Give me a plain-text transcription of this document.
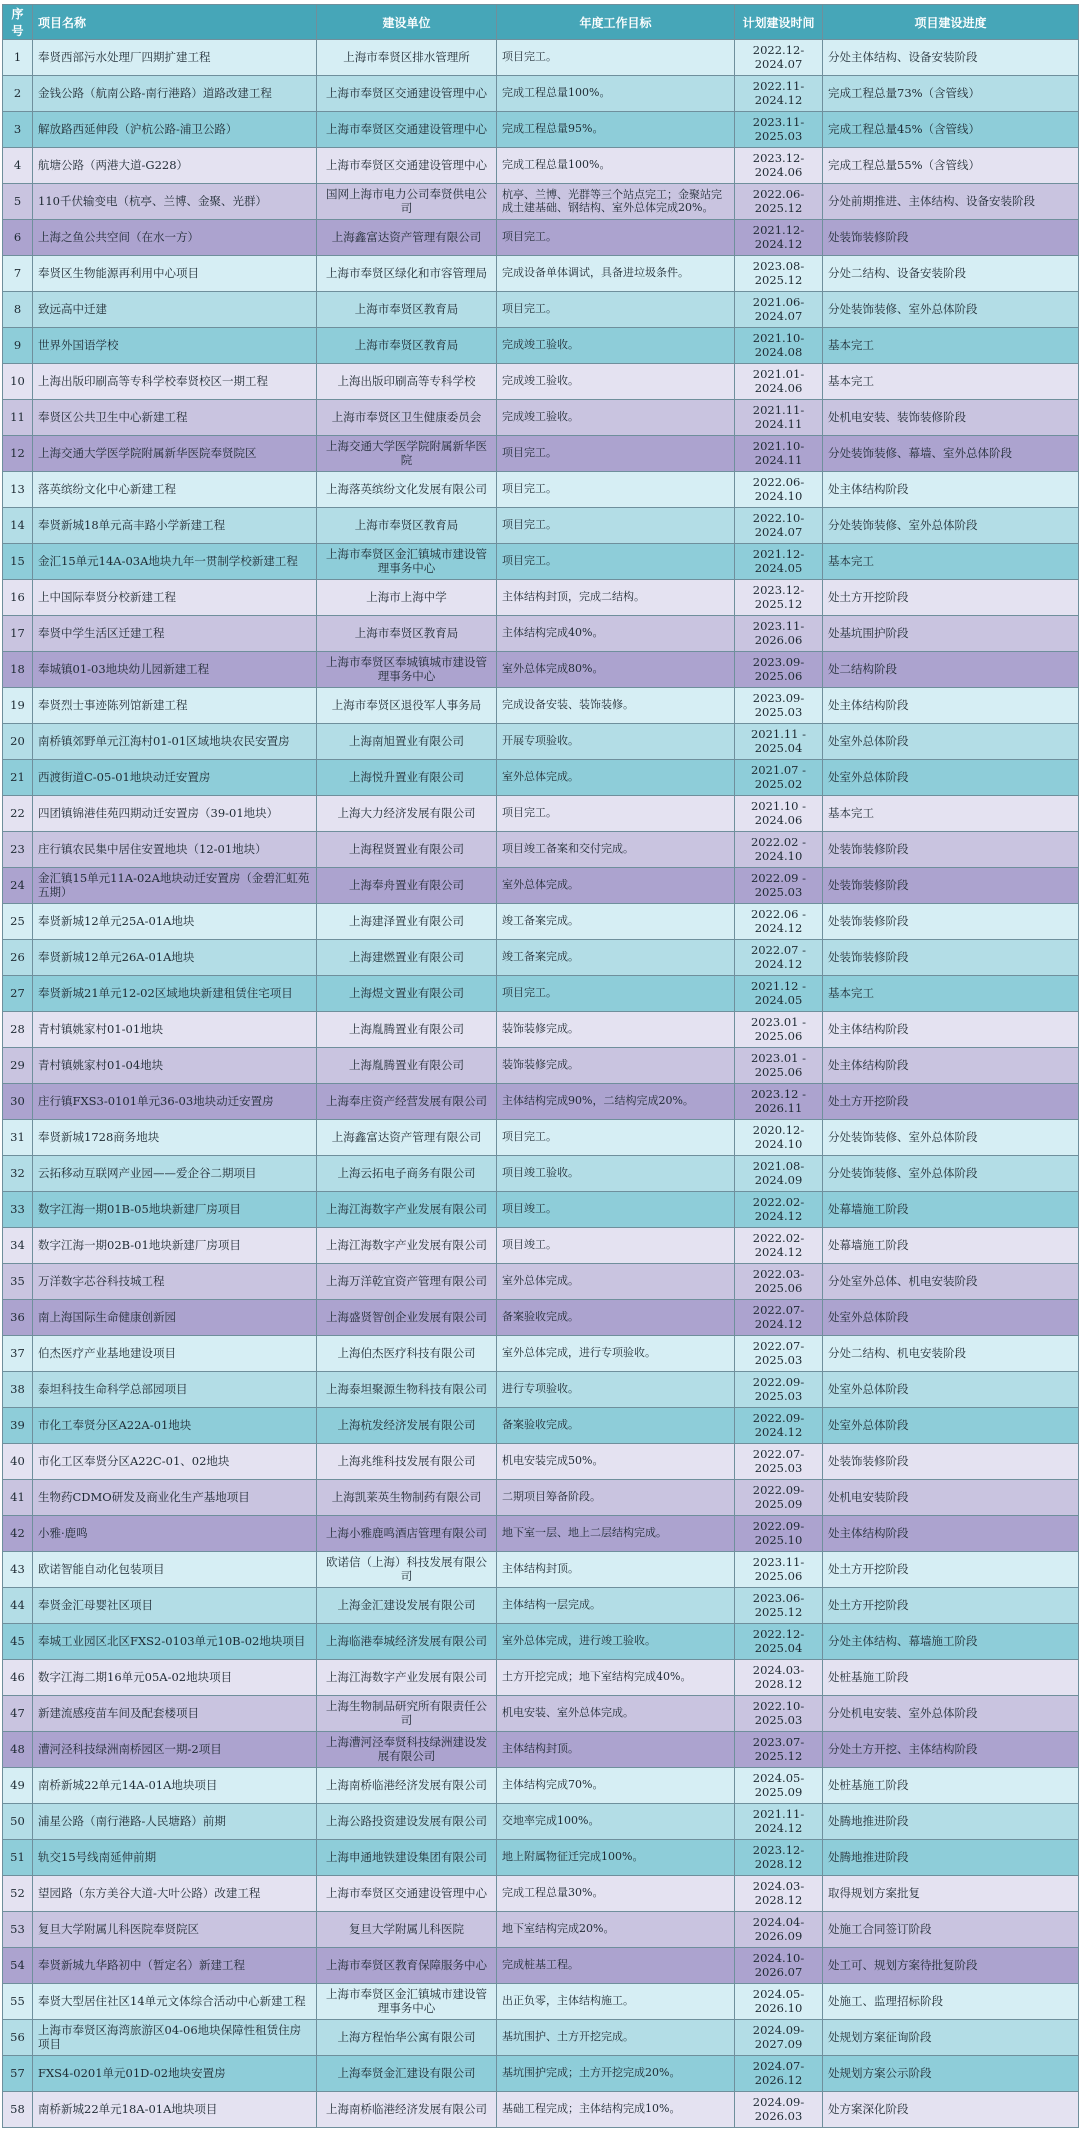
序号	项目名称	建设单位	年度工作目标	计划建设时间	项目建设进度
1	奉贤西部污水处理厂四期扩建工程	上海市奉贤区排水管理所	项目完工。	2022.12-2024.07	分处主体结构、设备安装阶段
2	金钱公路（航南公路-南行港路）道路改建工程	上海市奉贤区交通建设管理中心	完成工程总量100%。	2022.11-2024.12	完成工程总量73%（含管线）
3	解放路西延伸段（沪杭公路-浦卫公路）	上海市奉贤区交通建设管理中心	完成工程总量95%。	2023.11-2025.03	完成工程总量45%（含管线）
4	航塘公路（两港大道-G228）	上海市奉贤区交通建设管理中心	完成工程总量100%。	2023.12-2024.06	完成工程总量55%（含管线）
5	110千伏输变电（杭亭、兰博、金聚、光群）	国网上海市电力公司奉贤供电公司	杭亭、兰博、光群等三个站点完工；金聚站完成土建基础、钢结构、室外总体完成20%。	2022.06-2025.12	分处前期推进、主体结构、设备安装阶段
6	上海之鱼公共空间（在水一方）	上海鑫富达资产管理有限公司	项目完工。	2021.12-2024.12	处装饰装修阶段
7	奉贤区生物能源再利用中心项目	上海市奉贤区绿化和市容管理局	完成设备单体调试，具备进垃圾条件。	2023.08-2025.12	分处二结构、设备安装阶段
8	致远高中迁建	上海市奉贤区教育局	项目完工。	2021.06-2024.07	分处装饰装修、室外总体阶段
9	世界外国语学校	上海市奉贤区教育局	完成竣工验收。	2021.10-2024.08	基本完工
10	上海出版印刷高等专科学校奉贤校区一期工程	上海出版印刷高等专科学校	完成竣工验收。	2021.01-2024.06	基本完工
11	奉贤区公共卫生中心新建工程	上海市奉贤区卫生健康委员会	完成竣工验收。	2021.11-2024.11	处机电安装、装饰装修阶段
12	上海交通大学医学院附属新华医院奉贤院区	上海交通大学医学院附属新华医院	项目完工。	2021.10-2024.11	分处装饰装修、幕墙、室外总体阶段
13	落英缤纷文化中心新建工程	上海落英缤纷文化发展有限公司	项目完工。	2022.06-2024.10	处主体结构阶段
14	奉贤新城18单元高丰路小学新建工程	上海市奉贤区教育局	项目完工。	2022.10-2024.07	分处装饰装修、室外总体阶段
15	金汇15单元14A-03A地块九年一贯制学校新建工程	上海市奉贤区金汇镇城市建设管理事务中心	项目完工。	2021.12-2024.05	基本完工
16	上中国际奉贤分校新建工程	上海市上海中学	主体结构封顶，完成二结构。	2023.12-2025.12	处土方开挖阶段
17	奉贤中学生活区迁建工程	上海市奉贤区教育局	主体结构完成40%。	2023.11-2026.06	处基坑围护阶段
18	奉城镇01-03地块幼儿园新建工程	上海市奉贤区奉城镇城市建设管理事务中心	室外总体完成80%。	2023.09-2025.06	处二结构阶段
19	奉贤烈士事迹陈列馆新建工程	上海市奉贤区退役军人事务局	完成设备安装、装饰装修。	2023.09-2025.03	处主体结构阶段
20	南桥镇郊野单元江海村01-01区域地块农民安置房	上海南旭置业有限公司	开展专项验收。	2021.11 - 2025.04	处室外总体阶段
21	西渡街道C-05-01地块动迁安置房	上海悦升置业有限公司	室外总体完成。	2021.07 - 2025.02	处室外总体阶段
22	四团镇锦港佳苑四期动迁安置房（39-01地块）	上海大力经济发展有限公司	项目完工。	2021.10 - 2024.06	基本完工
23	庄行镇农民集中居住安置地块（12-01地块）	上海程贤置业有限公司	项目竣工备案和交付完成。	2022.02 - 2024.10	处装饰装修阶段
24	金汇镇15单元11A-02A地块动迁安置房（金碧汇虹苑五期）	上海奉舟置业有限公司	室外总体完成。	2022.09 - 2025.03	处装饰装修阶段
25	奉贤新城12单元25A-01A地块	上海建泽置业有限公司	竣工备案完成。	2022.06 - 2024.12	处装饰装修阶段
26	奉贤新城12单元26A-01A地块	上海建燃置业有限公司	竣工备案完成。	2022.07 - 2024.12	处装饰装修阶段
27	奉贤新城21单元12-02区域地块新建租赁住宅项目	上海煜文置业有限公司	项目完工。	2021.12 - 2024.05	基本完工
28	青村镇姚家村01-01地块	上海胤腾置业有限公司	装饰装修完成。	2023.01 - 2025.06	处主体结构阶段
29	青村镇姚家村01-04地块	上海胤腾置业有限公司	装饰装修完成。	2023.01 - 2025.06	处主体结构阶段
30	庄行镇FXS3-0101单元36-03地块动迁安置房	上海奉庄资产经营发展有限公司	主体结构完成90%，二结构完成20%。	2023.12 - 2026.11	处土方开挖阶段
31	奉贤新城1728商务地块	上海鑫富达资产管理有限公司	项目完工。	2020.12-2024.10	分处装饰装修、室外总体阶段
32	云拓移动互联网产业园——爱企谷二期项目	上海云拓电子商务有限公司	项目竣工验收。	2021.08-2024.09	分处装饰装修、室外总体阶段
33	数字江海一期01B-05地块新建厂房项目	上海江海数字产业发展有限公司	项目竣工。	2022.02-2024.12	处幕墙施工阶段
34	数字江海一期02B-01地块新建厂房项目	上海江海数字产业发展有限公司	项目竣工。	2022.02-2024.12	处幕墙施工阶段
35	万洋数字芯谷科技城工程	上海万洋乾宜资产管理有限公司	室外总体完成。	2022.03-2025.06	分处室外总体、机电安装阶段
36	南上海国际生命健康创新园	上海盛贤智创企业发展有限公司	备案验收完成。	2022.07-2024.12	处室外总体阶段
37	伯杰医疗产业基地建设项目	上海伯杰医疗科技有限公司	室外总体完成，进行专项验收。	2022.07-2025.03	分处二结构、机电安装阶段
38	泰坦科技生命科学总部园项目	上海泰坦聚源生物科技有限公司	进行专项验收。	2022.09-2025.03	处室外总体阶段
39	市化工奉贤分区A22A-01地块	上海杭发经济发展有限公司	备案验收完成。	2022.09-2024.12	处室外总体阶段
40	市化工区奉贤分区A22C-01、02地块	上海兆维科技发展有限公司	机电安装完成50%。	2022.07-2025.03	处装饰装修阶段
41	生物药CDMO研发及商业化生产基地项目	上海凯莱英生物制药有限公司	二期项目筹备阶段。	2022.09-2025.09	处机电安装阶段
42	小雅·鹿鸣	上海小雅鹿鸣酒店管理有限公司	地下室一层、地上二层结构完成。	2022.09-2025.10	处主体结构阶段
43	欧诺智能自动化包装项目	欧诺信（上海）科技发展有限公司	主体结构封顶。	2023.11-2025.06	处土方开挖阶段
44	奉贤金汇母婴社区项目	上海金汇建设发展有限公司	主体结构一层完成。	2023.06-2025.12	处土方开挖阶段
45	奉城工业园区北区FXS2-0103单元10B-02地块项目	上海临港奉城经济发展有限公司	室外总体完成，进行竣工验收。	2022.12-2025.04	分处主体结构、幕墙施工阶段
46	数字江海二期16单元05A-02地块项目	上海江海数字产业发展有限公司	土方开挖完成；地下室结构完成40%。	2024.03-2028.12	处桩基施工阶段
47	新建流感疫苗车间及配套楼项目	上海生物制品研究所有限责任公司	机电安装、室外总体完成。	2022.10-2025.03	分处机电安装、室外总体阶段
48	漕河泾科技绿洲南桥园区一期-2项目	上海漕河泾奉贤科技绿洲建设发展有限公司	主体结构封顶。	2023.07-2025.12	分处土方开挖、主体结构阶段
49	南桥新城22单元14A-01A地块项目	上海南桥临港经济发展有限公司	主体结构完成70%。	2024.05-2025.09	处桩基施工阶段
50	浦星公路（南行港路-人民塘路）前期	上海公路投资建设发展有限公司	交地率完成100%。	2021.11-2024.12	处腾地推进阶段
51	轨交15号线南延伸前期	上海申通地铁建设集团有限公司	地上附属物征迁完成100%。	2023.12-2028.12	处腾地推进阶段
52	望园路（东方美谷大道-大叶公路）改建工程	上海市奉贤区交通建设管理中心	完成工程总量30%。	2024.03-2028.12	取得规划方案批复
53	复旦大学附属儿科医院奉贤院区	复旦大学附属儿科医院	地下室结构完成20%。	2024.04-2026.09	处施工合同签订阶段
54	奉贤新城九华路初中（暂定名）新建工程	上海市奉贤区教育保障服务中心	完成桩基工程。	2024.10-2026.07	处工可、规划方案待批复阶段
55	奉贤大型居住社区14单元文体综合活动中心新建工程	上海市奉贤区金汇镇城市建设管理事务中心	出正负零，主体结构施工。	2024.05-2026.10	处施工、监理招标阶段
56	上海市奉贤区海湾旅游区04-06地块保障性租赁住房项目	上海方程怡华公寓有限公司	基坑围护、土方开挖完成。	2024.09-2027.09	处规划方案征询阶段
57	FXS4-0201单元01D-02地块安置房	上海奉贤金汇建设有限公司	基坑围护完成；土方开挖完成20%。	2024.07-2026.12	处规划方案公示阶段
58	南桥新城22单元18A-01A地块项目	上海南桥临港经济发展有限公司	基础工程完成；主体结构完成10%。	2024.09-2026.03	处方案深化阶段
